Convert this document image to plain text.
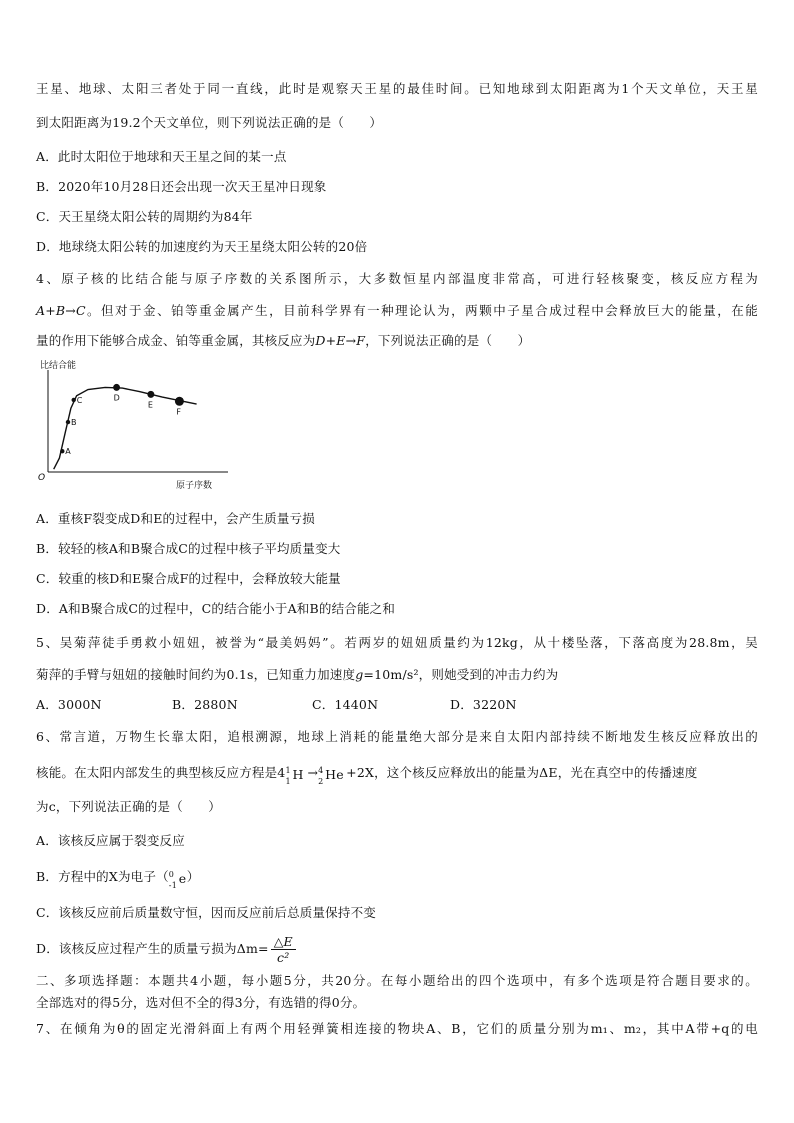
王星、地球、太阳三者处于同一直线，此时是观察天王星的最佳时间。已知地球到太阳距离为1个天文单位，天王星
到太阳距离为19.2个天文单位，则下列说法正确的是（　　）
A．此时太阳位于地球和天王星之间的某一点
B．2020年10月28日还会出现一次天王星冲日现象
C．天王星绕太阳公转的周期约为84年
D．地球绕太阳公转的加速度约为天王星绕太阳公转的20倍
4、原子核的比结合能与原子序数的关系图所示，大多数恒星内部温度非常高，可进行轻核聚变，核反应方程为
A+B→C。但对于金、铂等重金属产生，目前科学界有一种理论认为，两颗中子星合成过程中会释放巨大的能量，在能
量的作用下能够合成金、铂等重金属，其核反应为D+E→F，下列说法正确的是（　　）
比结合能
原子序数
O
A
B
C	D
E
F
A．重核F裂变成D和E的过程中，会产生质量亏损
B．较轻的核A和B聚合成C的过程中核子平均质量变大
C．较重的核D和E聚合成F的过程中，会释放较大能量
D．A和B聚合成C的过程中，C的结合能小于A和B的结合能之和
5、吴菊萍徒手勇救小妞妞，被誉为“最美妈妈”。若两岁的妞妞质量约为12kg，从十楼坠落，下落高度为28.8m，吴
菊萍的手臂与妞妞的接触时间约为0.1s，已知重力加速度g=10m/s²，则她受到的冲击力约为
A．3000N	B．2880N	C．1440N	D．3220N
6、常言道，万物生长靠太阳，追根溯源，地球上消耗的能量绝大部分是来自太阳内部持续不断地发生核反应释放出的
核能。在太阳内部发生的典型核反应方程是4 1
1 H → 4
2 He +2X，这个核反应释放出的能量为ΔE，光在真空中的传播速度
为c，下列说法正确的是（　　）
A．该核反应属于裂变反应
B．方程中的X为电子（ 0
-1 e ）
C．该核反应前后质量数守恒，因而反应前后总质量保持不变
D．该核反应过程产生的质量亏损为$\Delta m= \frac{\triangle E}{\text{c²}}$
二、多项选择题：本题共4小题，每小题5分，共20分。在每小题给出的四个选项中，有多个选项是符合题目要求的。
全部选对的得5分，选对但不全的得3分，有选错的得0分。
7、在倾角为θ的固定光滑斜面上有两个用轻弹簧相连接的物块A、B，它们的质量分别为m₁、m₂，其中A带+q的电
